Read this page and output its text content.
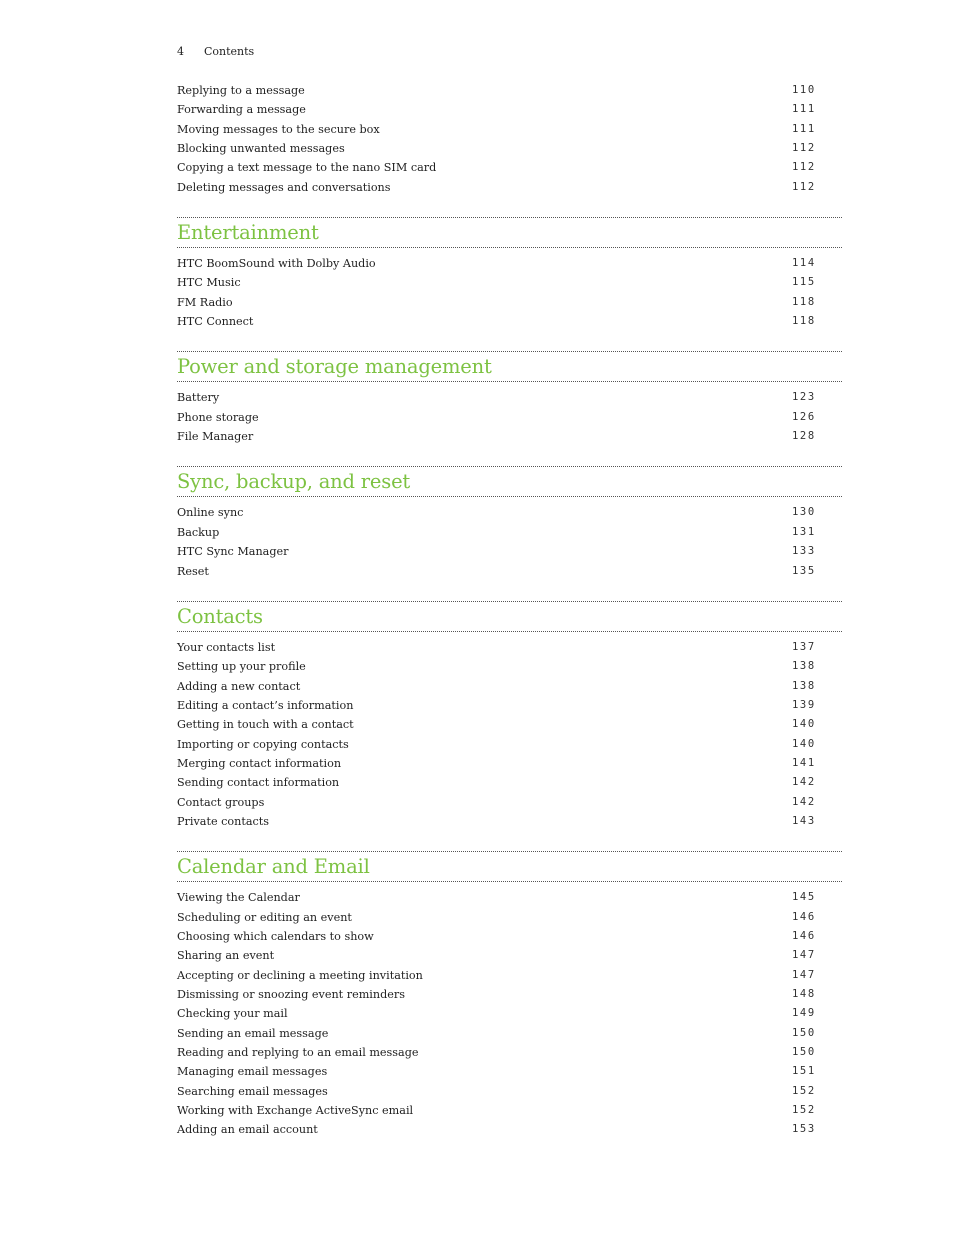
4 Contents
Replying to a message	110
Forwarding a message	111
Moving messages to the secure box	111
Blocking unwanted messages	112
Copying a text message to the nano SIM card	112
Deleting messages and conversations	112
Entertainment
HTC BoomSound with Dolby Audio	114
HTC Music	115
FM Radio	118
HTC Connect	118
Power and storage management
Battery	123
Phone storage	126
File Manager	128
Sync, backup, and reset
Online sync	130
Backup	131
HTC Sync Manager	133
Reset	135
Contacts
Your contacts list	137
Setting up your profile	138
Adding a new contact	138
Editing a contact’s information	139
Getting in touch with a contact	140
Importing or copying contacts	140
Merging contact information	141
Sending contact information	142
Contact groups	142
Private contacts	143
Calendar and Email
Viewing the Calendar	145
Scheduling or editing an event	146
Choosing which calendars to show	146
Sharing an event	147
Accepting or declining a meeting invitation	147
Dismissing or snoozing event reminders	148
Checking your mail	149
Sending an email message	150
Reading and replying to an email message	150
Managing email messages	151
Searching email messages	152
Working with Exchange ActiveSync email	152
Adding an email account	153
